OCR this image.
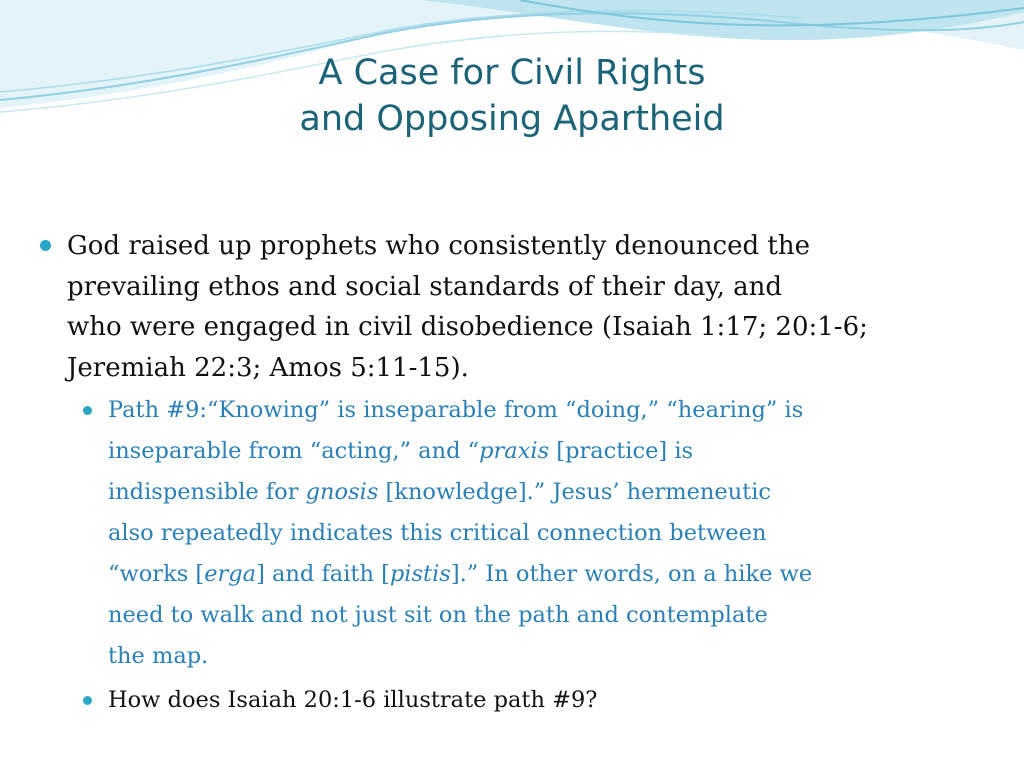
A Case for Civil Rights
and Opposing Apartheid
God raised up prophets who consistently denounced the
prevailing ethos and social standards of their day, and
who were engaged in civil disobedience (Isaiah 1:17; 20:1-6;
Jeremiah 22:3; Amos 5:11-15).
Path #9:“Knowing” is inseparable from “doing,” “hearing” is
inseparable from “acting,” and “praxis [practice] is
indispensible for gnosis [knowledge].” Jesus’ hermeneutic
also repeatedly indicates this critical connection between
“works [erga] and faith [pistis].” In other words, on a hike we
need to walk and not just sit on the path and contemplate
the map.
How does Isaiah 20:1-6 illustrate path #9?
